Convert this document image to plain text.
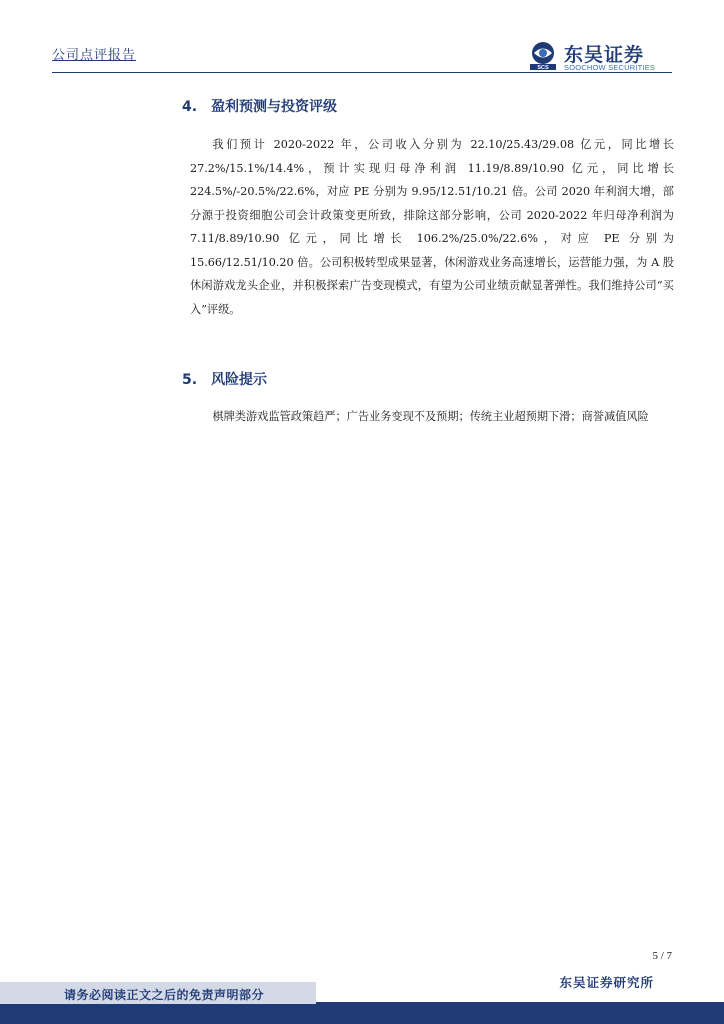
公司点评报告
SCS
东吴证券
SOOCHOW SECURITIES
4. 盈利预测与投资评级

我们预计 2020-2022 年，公司收入分别为 22.10/25.43/29.08 亿元，同比增长 27.2%/15.1%/14.4%，预计实现归母净利润 11.19/8.89/10.90 亿元，同比增长 224.5%/-20.5%/22.6%，对应 PE 分别为 9.95/12.51/10.21 倍。公司 2020 年利润大增，部分源于投资细胞公司会计政策变更所致，排除这部分影响，公司 2020-2022 年归母净利润为 7.11/8.89/10.90 亿元，同比增长 106.2%/25.0%/22.6%，对应 PE 分别为 15.66/12.51/10.20 倍。公司积极转型成果显著，休闲游戏业务高速增长，运营能力强，为 A 股休闲游戏龙头企业，并积极探索广告变现模式，有望为公司业绩贡献显著弹性。我们维持公司“买入”评级。

5. 风险提示

棋牌类游戏监管政策趋严；广告业务变现不及预期；传统主业超预期下滑；商誉减值风险

5 / 7
东吴证券研究所
请务必阅读正文之后的免责声明部分
